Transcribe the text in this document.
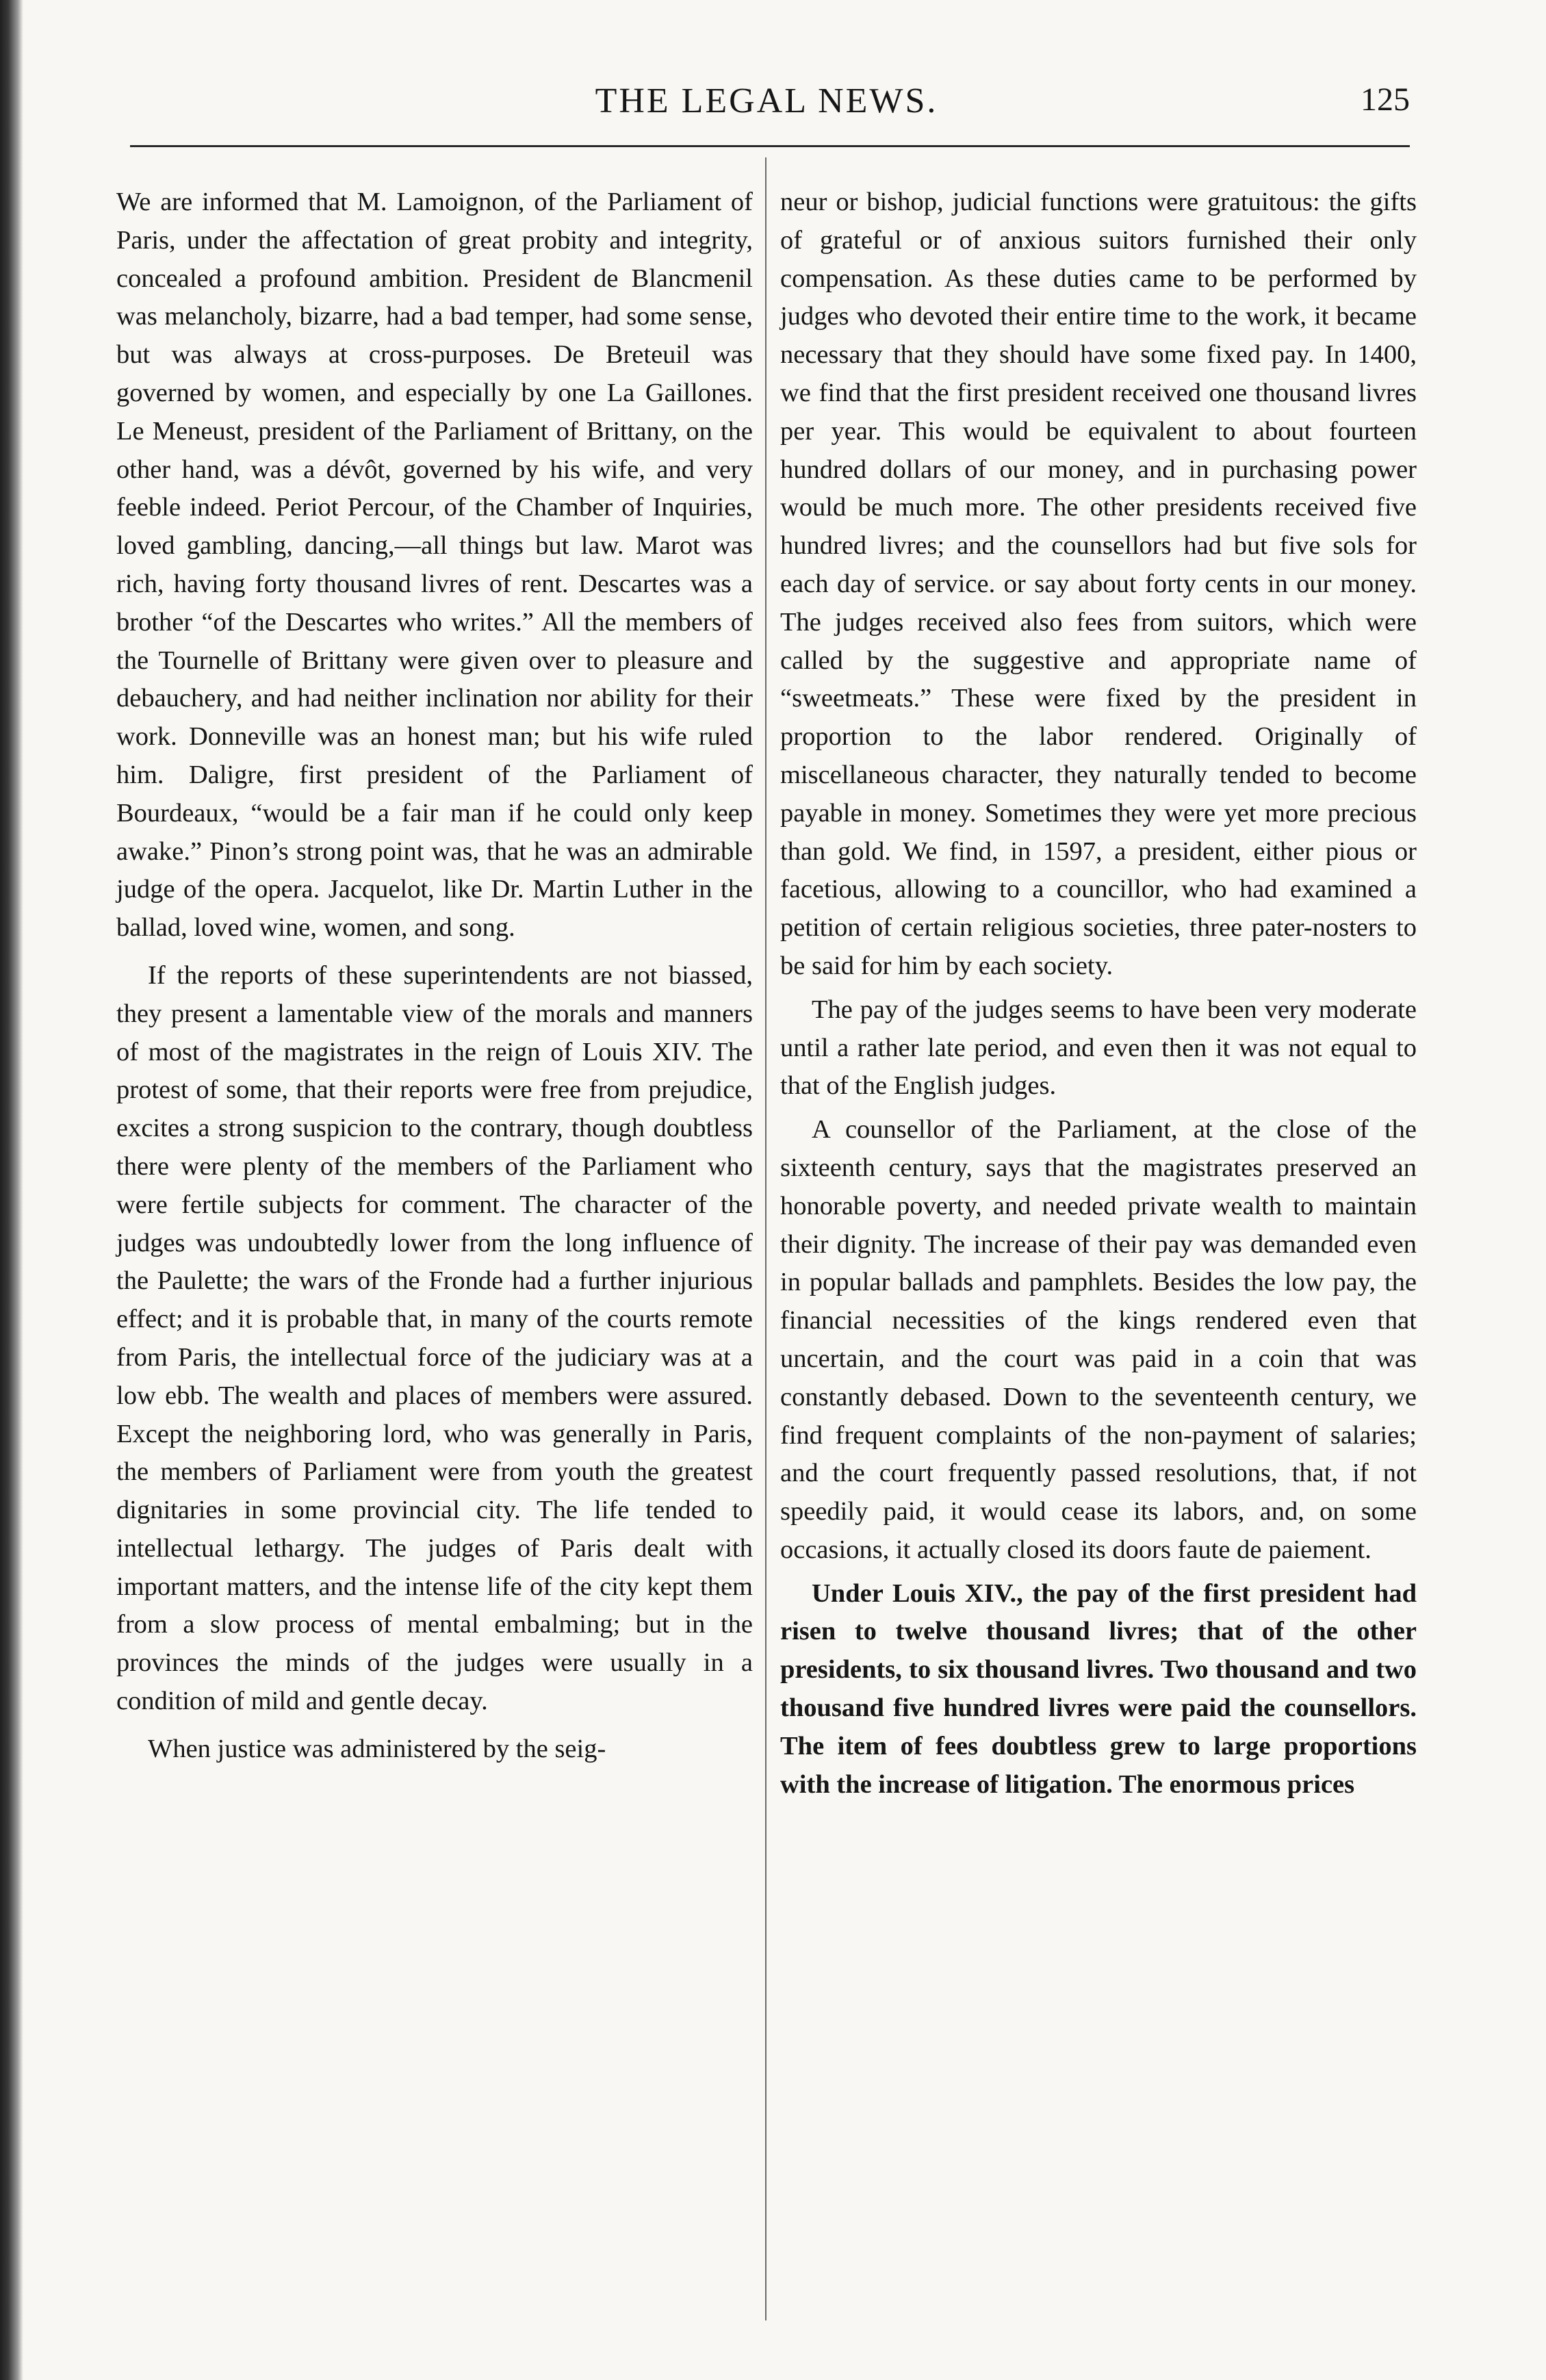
THE LEGAL NEWS.	125

We are informed that M. Lamoignon, of the Parliament of Paris, under the affectation of great probity and integrity, concealed a profound ambition. President de Blancmenil was melancholy, bizarre, had a bad temper, had some sense, but was always at cross-purposes. De Breteuil was governed by women, and especially by one La Gaillones. Le Meneust, president of the Parliament of Brittany, on the other hand, was a dévôt, governed by his wife, and very feeble indeed. Periot Percour, of the Chamber of Inquiries, loved gambling, dancing,—all things but law. Marot was rich, having forty thousand livres of rent. Descartes was a brother “of the Descartes who writes.” All the members of the Tournelle of Brittany were given over to pleasure and debauchery, and had neither inclination nor ability for their work. Donneville was an honest man; but his wife ruled him. Daligre, first president of the Parliament of Bourdeaux, “would be a fair man if he could only keep awake.” Pinon’s strong point was, that he was an admirable judge of the opera. Jacquelot, like Dr. Martin Luther in the ballad, loved wine, women, and song.

If the reports of these superintendents are not biassed, they present a lamentable view of the morals and manners of most of the magistrates in the reign of Louis XIV. The protest of some, that their reports were free from prejudice, excites a strong suspicion to the contrary, though doubtless there were plenty of the members of the Parliament who were fertile subjects for comment. The character of the judges was undoubtedly lower from the long influence of the Paulette; the wars of the Fronde had a further injurious effect; and it is probable that, in many of the courts remote from Paris, the intellectual force of the judiciary was at a low ebb. The wealth and places of members were assured. Except the neighboring lord, who was generally in Paris, the members of Parliament were from youth the greatest dignitaries in some provincial city. The life tended to intellectual lethargy. The judges of Paris dealt with important matters, and the intense life of the city kept them from a slow process of mental embalming; but in the provinces the minds of the judges were usually in a condition of mild and gentle decay.

When justice was administered by the seig-

neur or bishop, judicial functions were gratuitous: the gifts of grateful or of anxious suitors furnished their only compensation. As these duties came to be performed by judges who devoted their entire time to the work, it became necessary that they should have some fixed pay. In 1400, we find that the first president received one thousand livres per year. This would be equivalent to about fourteen hundred dollars of our money, and in purchasing power would be much more. The other presidents received five hundred livres; and the counsellors had but five sols for each day of service. or say about forty cents in our money. The judges received also fees from suitors, which were called by the suggestive and appropriate name of “sweetmeats.” These were fixed by the president in proportion to the labor rendered. Originally of miscellaneous character, they naturally tended to become payable in money. Sometimes they were yet more precious than gold. We find, in 1597, a president, either pious or facetious, allowing to a councillor, who had examined a petition of certain religious societies, three pater-nosters to be said for him by each society.

The pay of the judges seems to have been very moderate until a rather late period, and even then it was not equal to that of the English judges.

A counsellor of the Parliament, at the close of the sixteenth century, says that the magistrates preserved an honorable poverty, and needed private wealth to maintain their dignity. The increase of their pay was demanded even in popular ballads and pamphlets. Besides the low pay, the financial necessities of the kings rendered even that uncertain, and the court was paid in a coin that was constantly debased. Down to the seventeenth century, we find frequent complaints of the non-payment of salaries; and the court frequently passed resolutions, that, if not speedily paid, it would cease its labors, and, on some occasions, it actually closed its doors faute de paiement.

Under Louis XIV., the pay of the first president had risen to twelve thousand livres; that of the other presidents, to six thousand livres. Two thousand and two thousand five hundred livres were paid the counsellors. The item of fees doubtless grew to large proportions with the increase of litigation. The enormous prices
